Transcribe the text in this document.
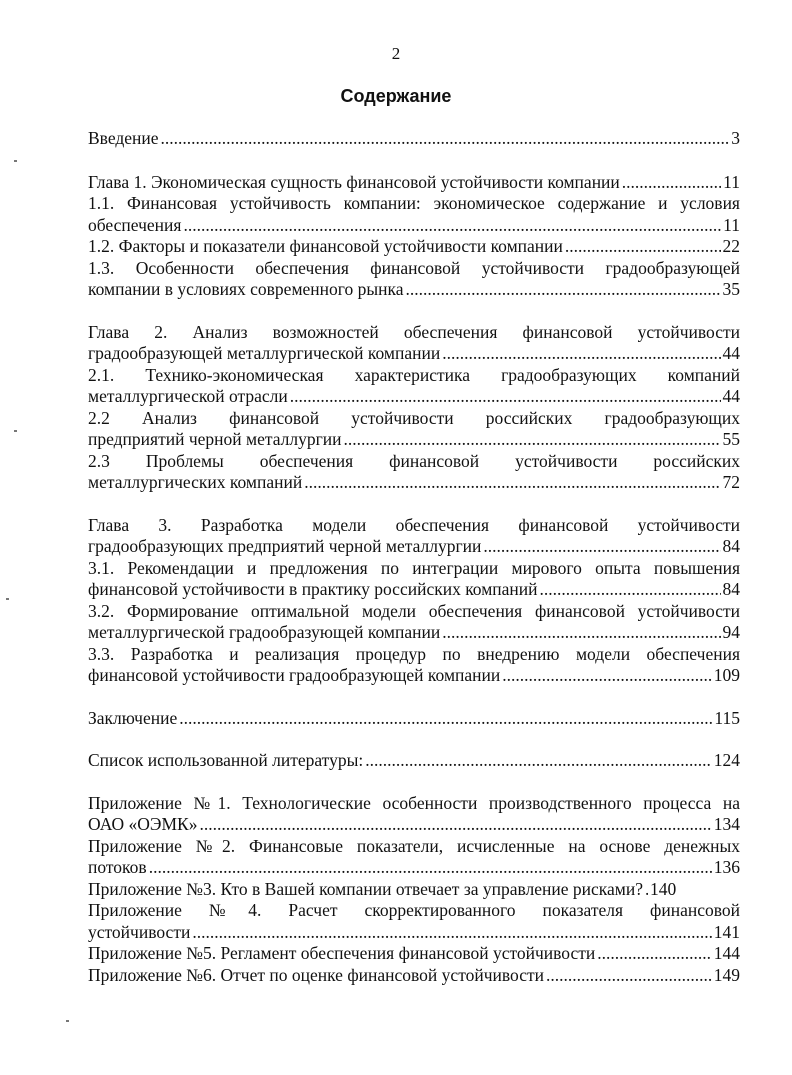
2
Содержание
Введение .....	3
Глава 1. Экономическая сущность финансовой устойчивости компании .....	11
1.1. Финансовая устойчивость компании: экономическое содержание и условия
обеспечения .....	11
1.2. Факторы и показатели финансовой устойчивости компании .....	22
1.3. Особенности обеспечения финансовой устойчивости градообразующей
компании в условиях современного рынка .....	35
Глава 2. Анализ возможностей обеспечения финансовой устойчивости
градообразующей металлургической компании .....	44
2.1. Технико-экономическая характеристика градообразующих компаний
металлургической отрасли .....	44
2.2 Анализ финансовой устойчивости российских градообразующих
предприятий черной металлургии .....	55
2.3 Проблемы обеспечения финансовой устойчивости российских
металлургических компаний .....	72
Глава 3. Разработка модели обеспечения финансовой устойчивости
градообразующих предприятий черной металлургии .....	84
3.1. Рекомендации и предложения по интеграции мирового опыта повышения
финансовой устойчивости в практику российских компаний .....	84
3.2. Формирование оптимальной модели обеспечения финансовой устойчивости
металлургической градообразующей компании .....	94
3.3. Разработка и реализация процедур по внедрению модели обеспечения
финансовой устойчивости градообразующей компании .....	109
Заключение .....	115
Список использованной литературы: .....	124
Приложение №1. Технологические особенности производственного процесса на
ОАО «ОЭМК» .....	134
Приложение №2. Финансовые показатели, исчисленные на основе денежных
потоков .....	136
Приложение №3. Кто в Вашей компании отвечает за управление рисками? ..... 140
Приложение №4. Расчет скорректированного показателя финансовой
устойчивости .....	141
Приложение №5. Регламент обеспечения финансовой устойчивости .....	144
Приложение №6. Отчет по оценке финансовой устойчивости .....	149
